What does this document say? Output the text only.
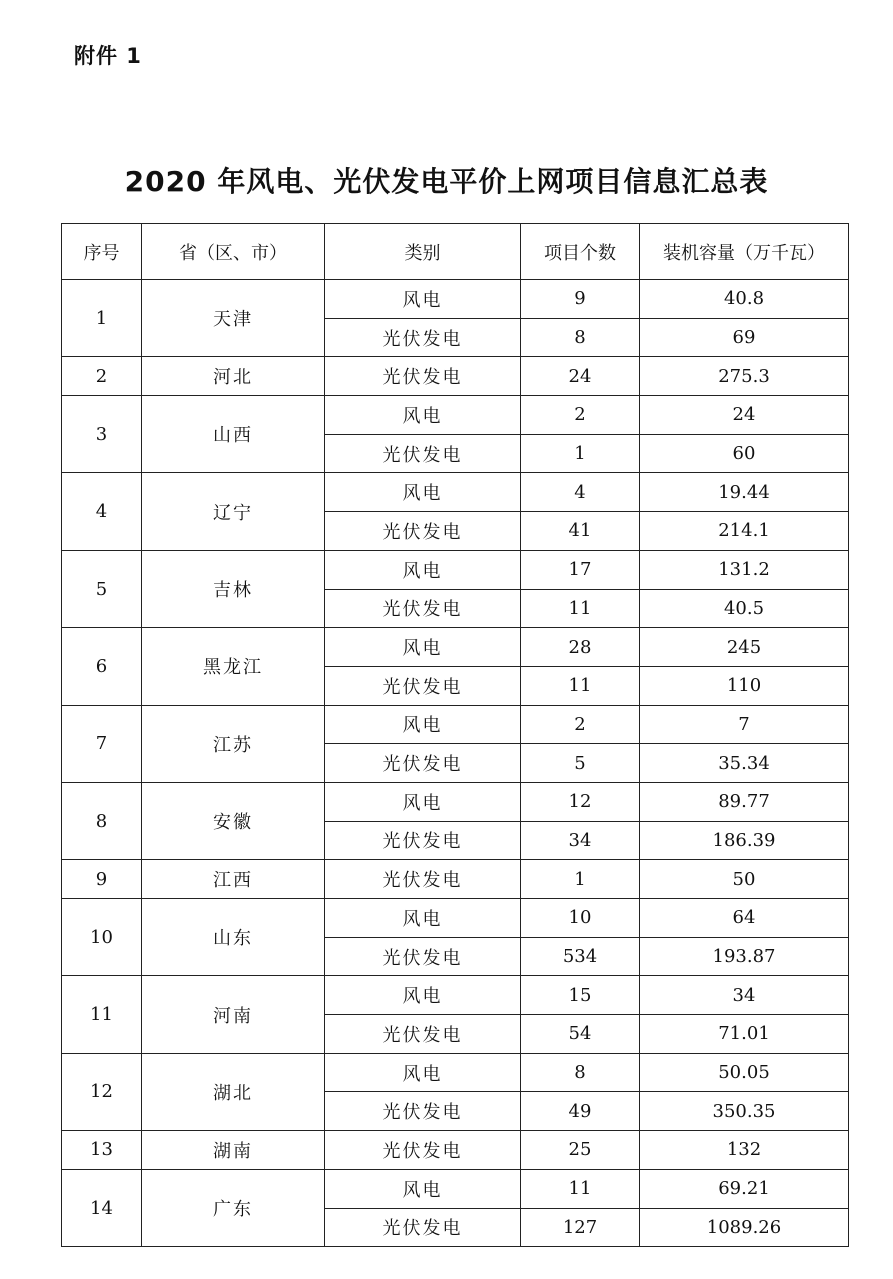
附件 1
2020 年风电、光伏发电平价上网项目信息汇总表
序号	省（区、市）	类别	项目个数	装机容量（万千瓦）
1	天津	风电	9	40.8
		光伏发电	8	69
2	河北	光伏发电	24	275.3
3	山西	风电	2	24
		光伏发电	1	60
4	辽宁	风电	4	19.44
		光伏发电	41	214.1
5	吉林	风电	17	131.2
		光伏发电	11	40.5
6	黑龙江	风电	28	245
		光伏发电	11	110
7	江苏	风电	2	7
		光伏发电	5	35.34
8	安徽	风电	12	89.77
		光伏发电	34	186.39
9	江西	光伏发电	1	50
10	山东	风电	10	64
		光伏发电	534	193.87
11	河南	风电	15	34
		光伏发电	54	71.01
12	湖北	风电	8	50.05
		光伏发电	49	350.35
13	湖南	光伏发电	25	132
14	广东	风电	11	69.21
		光伏发电	127	1089.26
